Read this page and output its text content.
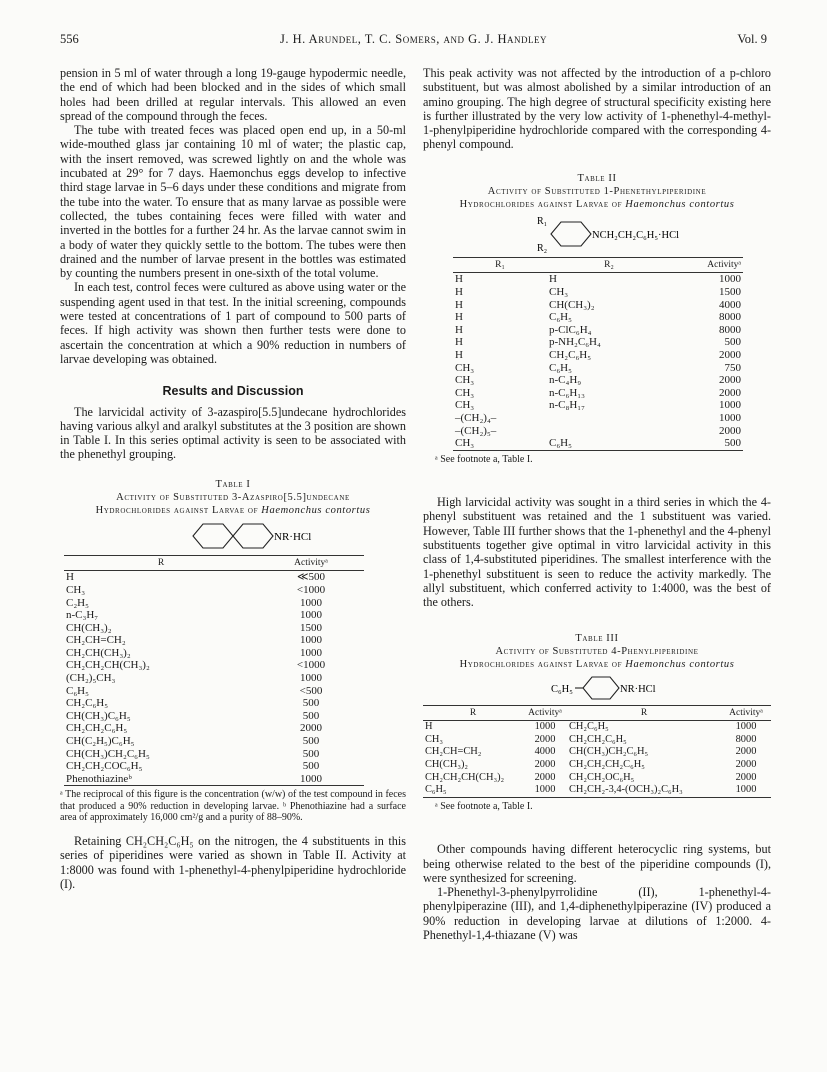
556	J. H. Arundel, T. C. Somers, and G. J. Handley	Vol. 9

pension in 5 ml of water through a long 19-gauge hypodermic needle, the end of which had been blocked and in the sides of which small holes had been drilled at regular intervals. This allowed an even spread of the compound through the feces.

The tube with treated feces was placed open end up, in a 50-ml wide-mouthed glass jar containing 10 ml of water; the plastic cap, with the insert removed, was screwed lightly on and the whole was incubated at 29° for 7 days. Haemonchus eggs develop to infective third stage larvae in 5–6 days under these conditions and migrate from the tube into the water. To ensure that as many larvae as possible were collected, the tubes containing feces were filled with water and inverted in the bottles for a further 24 hr. As the larvae cannot swim in a body of water they quickly settle to the bottom. The tubes were then drained and the number of larvae present in the bottles was estimated by counting the numbers present in one-sixth of the total volume.

In each test, control feces were cultured as above using water or the suspending agent used in that test. In the initial screening, compounds were tested at concentrations of 1 part of compound to 500 parts of feces. If high activity was shown then further tests were done to ascertain the concentration at which a 90% reduction in numbers of larvae developing was obtained.

Results and Discussion

The larvicidal activity of 3-azaspiro[5.5]undecane hydrochlorides having various alkyl and aralkyl substitutes at the 3 position are shown in Table I. In this series optimal activity is seen to be associated with the phenethyl grouping.

Table I
Activity of Substituted 3-Azaspiro[5.5]undecane
Hydrochlorides against Larvae of Haemonchus contortus
NR·HCl
R	Activityᵃ
H	≪500
CH₃	<1000
C₂H₅	1000
n-C₃H₇	1000
CH(CH₃)₂	1500
CH₂CH=CH₂	1000
CH₂CH(CH₃)₂	1000
CH₂CH₂CH(CH₃)₂	<1000
(CH₂)₅CH₃	1000
C₆H₅	<500
CH₂C₆H₅	500
CH(CH₃)C₆H₅	500
CH₂CH₂C₆H₅	2000
CH(C₂H₅)C₆H₅	500
CH(CH₃)CH₂C₆H₅	500
CH₂CH₂COC₆H₅	500
Phenothiazineᵇ	1000
ᵃ The reciprocal of this figure is the concentration (w/w) of the test compound in feces that produced a 90% reduction in developing larvae. ᵇ Phenothiazine had a surface area of approximately 16,000 cm²/g and a purity of 88–90%.

Retaining CH₂CH₂C₆H₅ on the nitrogen, the 4 substituents in this series of piperidines were varied as shown in Table II. Activity at 1:8000 was found with 1-phenethyl-4-phenylpiperidine hydrochloride (I).

This peak activity was not affected by the introduction of a p-chloro substituent, but was almost abolished by a similar introduction of an amino grouping. The high degree of structural specificity existing here is further illustrated by the very low activity of 1-phenethyl-4-methyl-1-phenylpiperidine hydrochloride compared with the corresponding 4-phenyl compound.

Table II
Activity of Substituted 1-Phenethylpiperidine
Hydrochlorides against Larvae of Haemonchus contortus
R₁
R₂
NCH₂CH₂C₆H₅·HCl
R₁	R₂	Activityᵃ
H	H	1000
H	CH₃	1500
H	CH(CH₃)₂	4000
H	C₆H₅	8000
H	p-ClC₆H₄	8000
H	p-NH₂C₆H₄	500
H	CH₂C₆H₅	2000
CH₃	C₆H₅	750
CH₃	n-C₄H₉	2000
CH₃	n-C₆H₁₃	2000
CH₃	n-C₈H₁₇	1000
–(CH₂)₄–		1000
–(CH₂)₅–		2000
CH₃	C₆H₅	500
ᵃ See footnote a, Table I.

High larvicidal activity was sought in a third series in which the 4-phenyl substituent was retained and the 1 substituent was varied. However, Table III further shows that the 1-phenethyl and the 4-phenyl substituents together give optimal in vitro larvicidal activity in this class of 1,4-substituted piperidines. The smallest interference with the 1-phenethyl substituent is seen to reduce the activity markedly. The allyl substituent, which conferred activity to 1:4000, was the best of the others.

Table III
Activity of Substituted 4-Phenylpiperidine
Hydrochlorides against Larvae of Haemonchus contortus
C₆H₅	NR·HCl
R	Activityᵃ	R	Activityᵃ
H	1000	CH₂C₆H₅	1000
CH₃	2000	CH₂CH₂C₆H₅	8000
CH₂CH=CH₂	4000	CH(CH₃)CH₂C₆H₅	2000
CH(CH₃)₂	2000	CH₂CH₂CH₂C₆H₅	2000
CH₂CH₂CH(CH₃)₂	2000	CH₂CH₂OC₆H₅	2000
C₆H₅	1000	CH₂CH₂-3,4-(OCH₃)₂C₆H₃	1000
ᵃ See footnote a, Table I.

Other compounds having different heterocyclic ring systems, but being otherwise related to the best of the piperidine compounds (I), were synthesized for screening.

1-Phenethyl-3-phenylpyrrolidine (II), 1-phenethyl-4-phenylpiperazine (III), and 1,4-diphenethylpiperazine (IV) produced a 90% reduction in developing larvae at dilutions of 1:2000. 4-Phenethyl-1,4-thiazane (V) was
